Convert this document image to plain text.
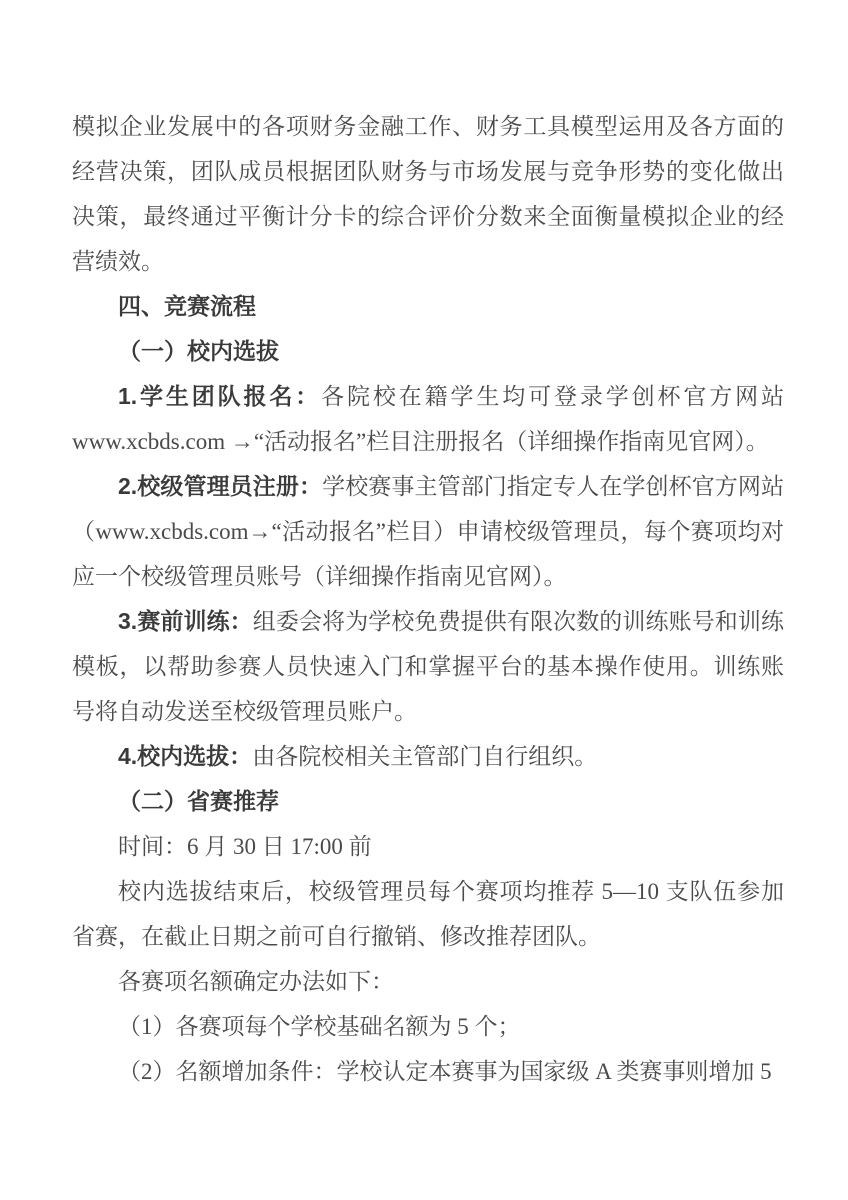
模拟企业发展中的各项财务金融工作、财务工具模型运用及各方面的经营决策，团队成员根据团队财务与市场发展与竞争形势的变化做出决策，最终通过平衡计分卡的综合评价分数来全面衡量模拟企业的经营绩效。

四、竞赛流程

（一）校内选拔

1.学生团队报名：各院校在籍学生均可登录学创杯官方网站www.xcbds.com →“活动报名”栏目注册报名（详细操作指南见官网）。

2.校级管理员注册：学校赛事主管部门指定专人在学创杯官方网站（www.xcbds.com→“活动报名”栏目）申请校级管理员，每个赛项均对应一个校级管理员账号（详细操作指南见官网）。

3.赛前训练：组委会将为学校免费提供有限次数的训练账号和训练模板，以帮助参赛人员快速入门和掌握平台的基本操作使用。训练账号将自动发送至校级管理员账户。

4.校内选拔：由各院校相关主管部门自行组织。

（二）省赛推荐

时间：6 月 30 日 17:00 前

校内选拔结束后，校级管理员每个赛项均推荐 5—10 支队伍参加省赛，在截止日期之前可自行撤销、修改推荐团队。

各赛项名额确定办法如下：

（1）各赛项每个学校基础名额为 5 个；

（2）名额增加条件：学校认定本赛事为国家级 A 类赛事则增加 5
